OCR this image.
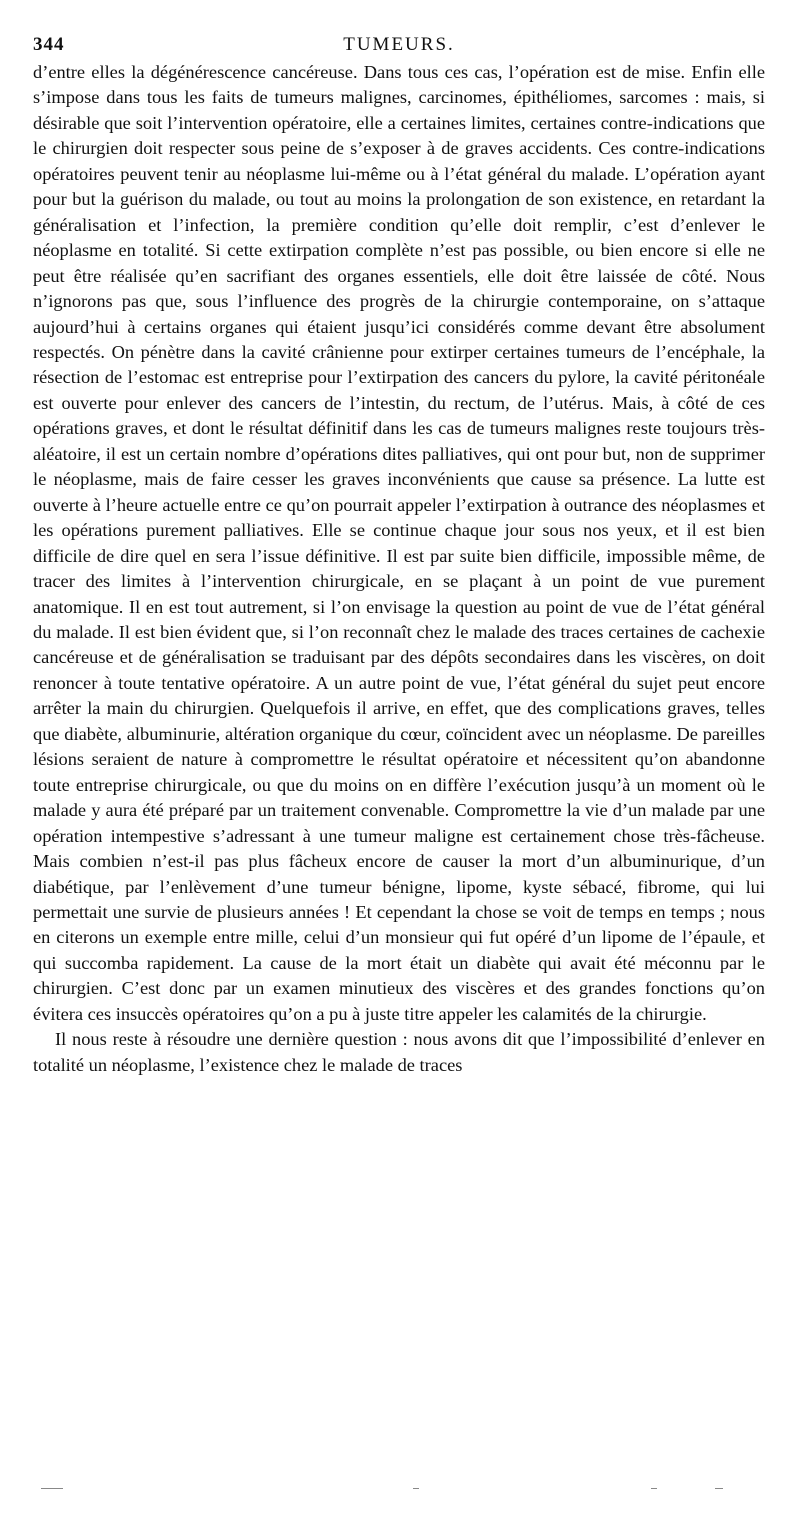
344	TUMEURS.

d’entre elles la dégénérescence cancéreuse. Dans tous ces cas, l’opération est de mise. Enfin elle s’impose dans tous les faits de tumeurs malignes, carcinomes, épithéliomes, sarcomes : mais, si désirable que soit l’intervention opératoire, elle a certaines limites, certaines contre-indications que le chirurgien doit respecter sous peine de s’exposer à de graves accidents. Ces contre-indications opératoires peuvent tenir au néoplasme lui-même ou à l’état général du malade. L’opération ayant pour but la guérison du malade, ou tout au moins la prolongation de son existence, en retardant la généralisation et l’infection, la première condition qu’elle doit remplir, c’est d’enlever le néoplasme en totalité. Si cette extirpation complète n’est pas possible, ou bien encore si elle ne peut être réalisée qu’en sacrifiant des organes essentiels, elle doit être laissée de côté. Nous n’ignorons pas que, sous l’influence des progrès de la chirurgie contemporaine, on s’attaque aujourd’hui à certains organes qui étaient jusqu’ici considérés comme devant être absolument respectés. On pénètre dans la cavité crânienne pour extirper certaines tumeurs de l’encéphale, la résection de l’estomac est entreprise pour l’extirpation des cancers du pylore, la cavité péritonéale est ouverte pour enlever des cancers de l’intestin, du rectum, de l’utérus. Mais, à côté de ces opérations graves, et dont le résultat définitif dans les cas de tumeurs malignes reste toujours très-aléatoire, il est un certain nombre d’opérations dites palliatives, qui ont pour but, non de supprimer le néoplasme, mais de faire cesser les graves inconvénients que cause sa présence. La lutte est ouverte à l’heure actuelle entre ce qu’on pourrait appeler l’extirpation à outrance des néoplasmes et les opérations purement palliatives. Elle se continue chaque jour sous nos yeux, et il est bien difficile de dire quel en sera l’issue définitive. Il est par suite bien difficile, impossible même, de tracer des limites à l’intervention chirurgicale, en se plaçant à un point de vue purement anatomique. Il en est tout autrement, si l’on envisage la question au point de vue de l’état général du malade. Il est bien évident que, si l’on reconnaît chez le malade des traces certaines de cachexie cancéreuse et de généralisation se traduisant par des dépôts secondaires dans les viscères, on doit renoncer à toute tentative opératoire. A un autre point de vue, l’état général du sujet peut encore arrêter la main du chirurgien. Quelquefois il arrive, en effet, que des complications graves, telles que diabète, albuminurie, altération organique du cœur, coïncident avec un néoplasme. De pareilles lésions seraient de nature à compromettre le résultat opératoire et nécessitent qu’on abandonne toute entreprise chirurgicale, ou que du moins on en diffère l’exécution jusqu’à un moment où le malade y aura été préparé par un traitement convenable. Compromettre la vie d’un malade par une opération intempestive s’adressant à une tumeur maligne est certainement chose très-fâcheuse. Mais combien n’est-il pas plus fâcheux encore de causer la mort d’un albuminurique, d’un diabétique, par l’enlèvement d’une tumeur bénigne, lipome, kyste sébacé, fibrome, qui lui permettait une survie de plusieurs années ! Et cependant la chose se voit de temps en temps ; nous en citerons un exemple entre mille, celui d’un monsieur qui fut opéré d’un lipome de l’épaule, et qui succomba rapidement. La cause de la mort était un diabète qui avait été méconnu par le chirurgien. C’est donc par un examen minutieux des viscères et des grandes fonctions qu’on évitera ces insuccès opératoires qu’on a pu à juste titre appeler les calamités de la chirurgie.

Il nous reste à résoudre une dernière question : nous avons dit que l’impossibilité d’enlever en totalité un néoplasme, l’existence chez le malade de traces
